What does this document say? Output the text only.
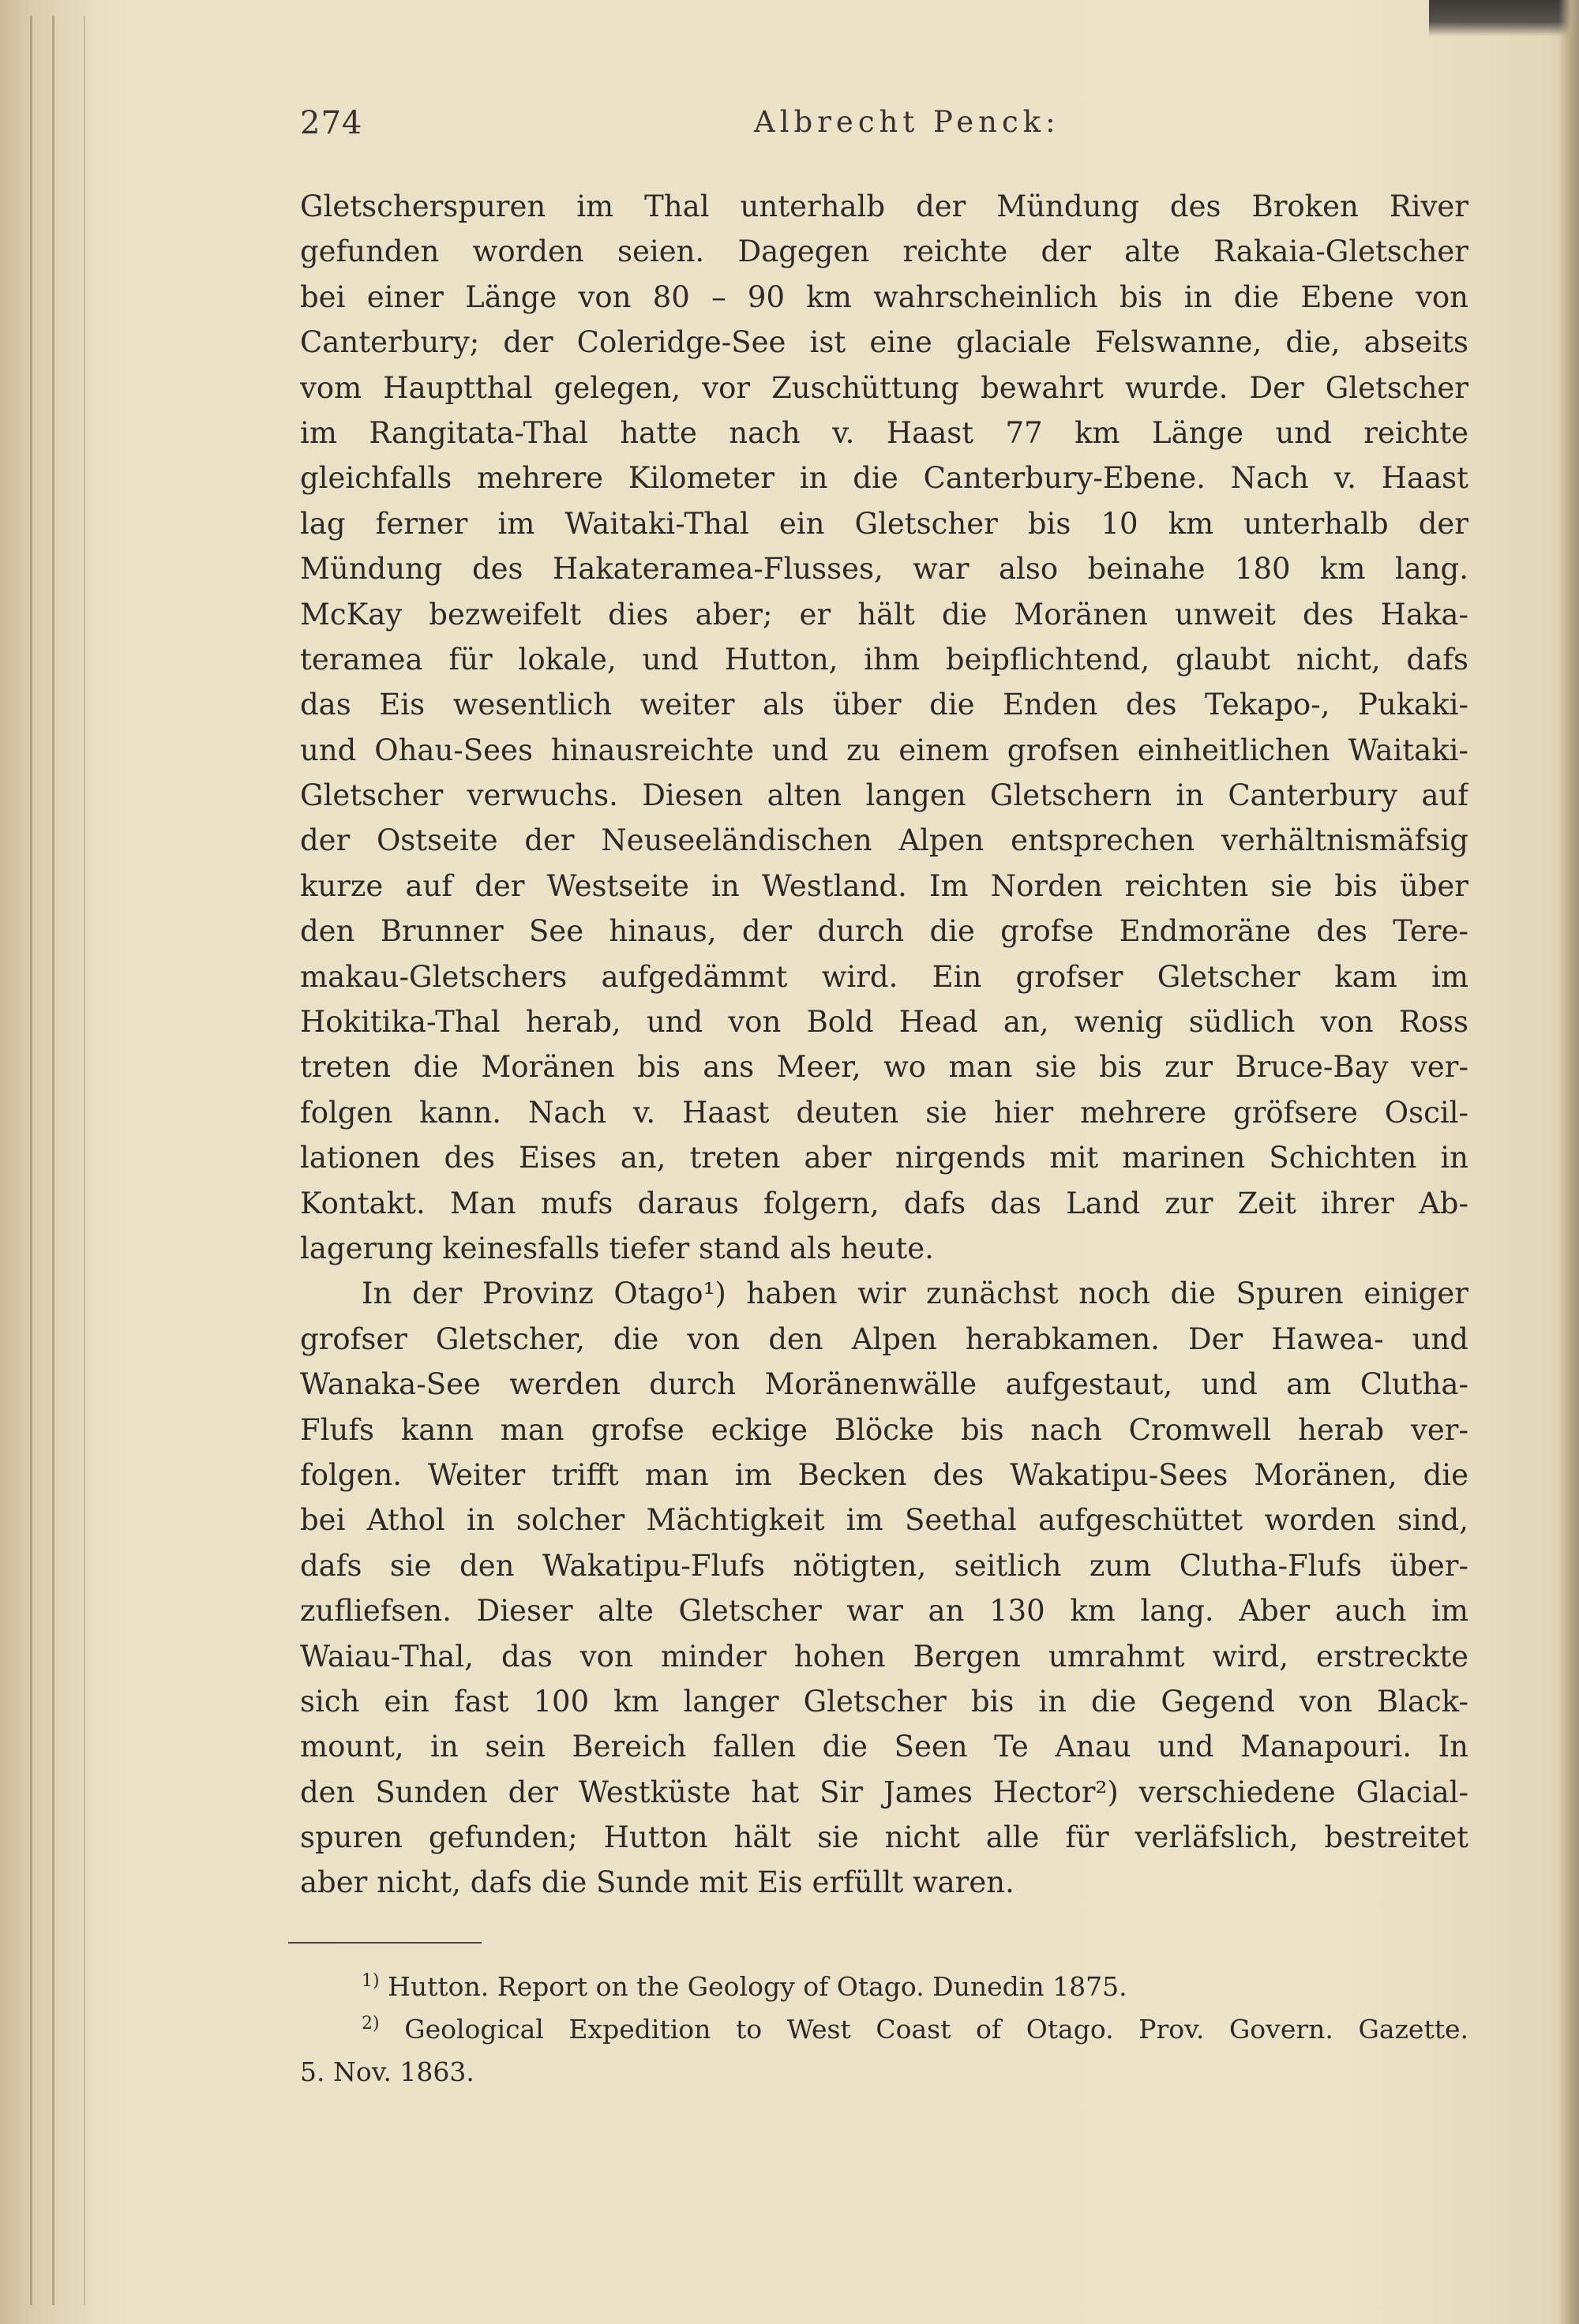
274	Albrecht Penck:
Gletscherspuren im Thal unterhalb der Mündung des Broken River
gefunden worden seien. Dagegen reichte der alte Rakaia-Gletscher
bei einer Länge von 80 – 90 km wahrscheinlich bis in die Ebene von
Canterbury; der Coleridge-See ist eine glaciale Felswanne, die, abseits
vom Hauptthal gelegen, vor Zuschüttung bewahrt wurde. Der Gletscher
im Rangitata-Thal hatte nach v. Haast 77 km Länge und reichte
gleichfalls mehrere Kilometer in die Canterbury-Ebene. Nach v. Haast
lag ferner im Waitaki-Thal ein Gletscher bis 10 km unterhalb der
Mündung des Hakateramea-Flusses, war also beinahe 180 km lang.
McKay bezweifelt dies aber; er hält die Moränen unweit des Haka-
teramea für lokale, und Hutton, ihm beipflichtend, glaubt nicht, dafs
das Eis wesentlich weiter als über die Enden des Tekapo-, Pukaki-
und Ohau-Sees hinausreichte und zu einem grofsen einheitlichen Waitaki-
Gletscher verwuchs. Diesen alten langen Gletschern in Canterbury auf
der Ostseite der Neuseeländischen Alpen entsprechen verhältnismäfsig
kurze auf der Westseite in Westland. Im Norden reichten sie bis über
den Brunner See hinaus, der durch die grofse Endmoräne des Tere-
makau-Gletschers aufgedämmt wird. Ein grofser Gletscher kam im
Hokitika-Thal herab, und von Bold Head an, wenig südlich von Ross
treten die Moränen bis ans Meer, wo man sie bis zur Bruce-Bay ver-
folgen kann. Nach v. Haast deuten sie hier mehrere gröfsere Oscil-
lationen des Eises an, treten aber nirgends mit marinen Schichten in
Kontakt. Man mufs daraus folgern, dafs das Land zur Zeit ihrer Ab-
lagerung keinesfalls tiefer stand als heute.
In der Provinz Otago¹) haben wir zunächst noch die Spuren einiger
grofser Gletscher, die von den Alpen herabkamen. Der Hawea- und
Wanaka-See werden durch Moränenwälle aufgestaut, und am Clutha-
Flufs kann man grofse eckige Blöcke bis nach Cromwell herab ver-
folgen. Weiter trifft man im Becken des Wakatipu-Sees Moränen, die
bei Athol in solcher Mächtigkeit im Seethal aufgeschüttet worden sind,
dafs sie den Wakatipu-Flufs nötigten, seitlich zum Clutha-Flufs über-
zufliefsen. Dieser alte Gletscher war an 130 km lang. Aber auch im
Waiau-Thal, das von minder hohen Bergen umrahmt wird, erstreckte
sich ein fast 100 km langer Gletscher bis in die Gegend von Black-
mount, in sein Bereich fallen die Seen Te Anau und Manapouri. In
den Sunden der Westküste hat Sir James Hector²) verschiedene Glacial-
spuren gefunden; Hutton hält sie nicht alle für verläfslich, bestreitet
aber nicht, dafs die Sunde mit Eis erfüllt waren.
$^{1)}$ Hutton. Report on the Geology of Otago. Dunedin 1875.
$^{2)}$ Geological Expedition to West Coast of Otago. Prov. Govern. Gazette.
5. Nov. 1863.
